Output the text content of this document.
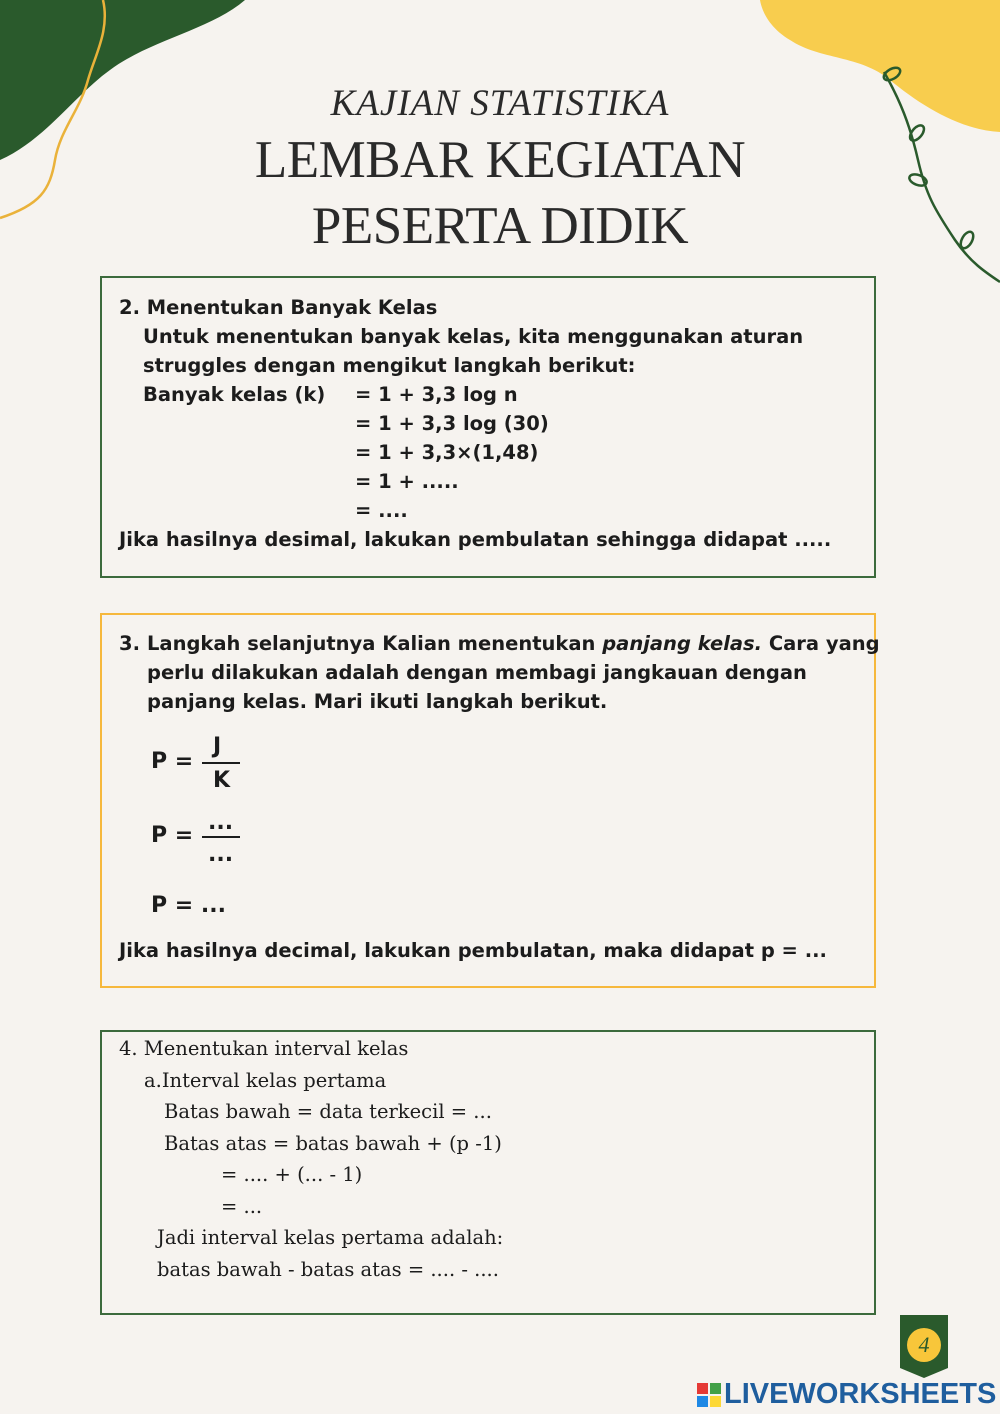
KAJIAN STATISTIKA
LEMBAR KEGIATAN
PESERTA DIDIK
2. Menentukan Banyak Kelas
Untuk menentukan banyak kelas, kita menggunakan aturan
struggles dengan mengikut langkah berikut:
Banyak kelas (k) = 1 + 3,3 log n
= 1 + 3,3 log (30)
= 1 + 3,3×(1,48)
= 1 + .....
= ....
Jika hasilnya desimal, lakukan pembulatan sehingga didapat .....
3. Langkah selanjutnya Kalian menentukan panjang kelas. Cara yang
perlu dilakukan adalah dengan membagi jangkauan dengan
panjang kelas. Mari ikuti langkah berikut.
P =
J
K
P =
...
...
P = ...
Jika hasilnya decimal, lakukan pembulatan, maka didapat p = ...
4. Menentukan interval kelas
a.Interval kelas pertama
Batas bawah = data terkecil = ...
Batas atas = batas bawah + (p -1)
= .... + (... - 1)
= ...
Jadi interval kelas pertama adalah:
batas bawah - batas atas = .... - ....
4
LIVEWORKSHEETS
